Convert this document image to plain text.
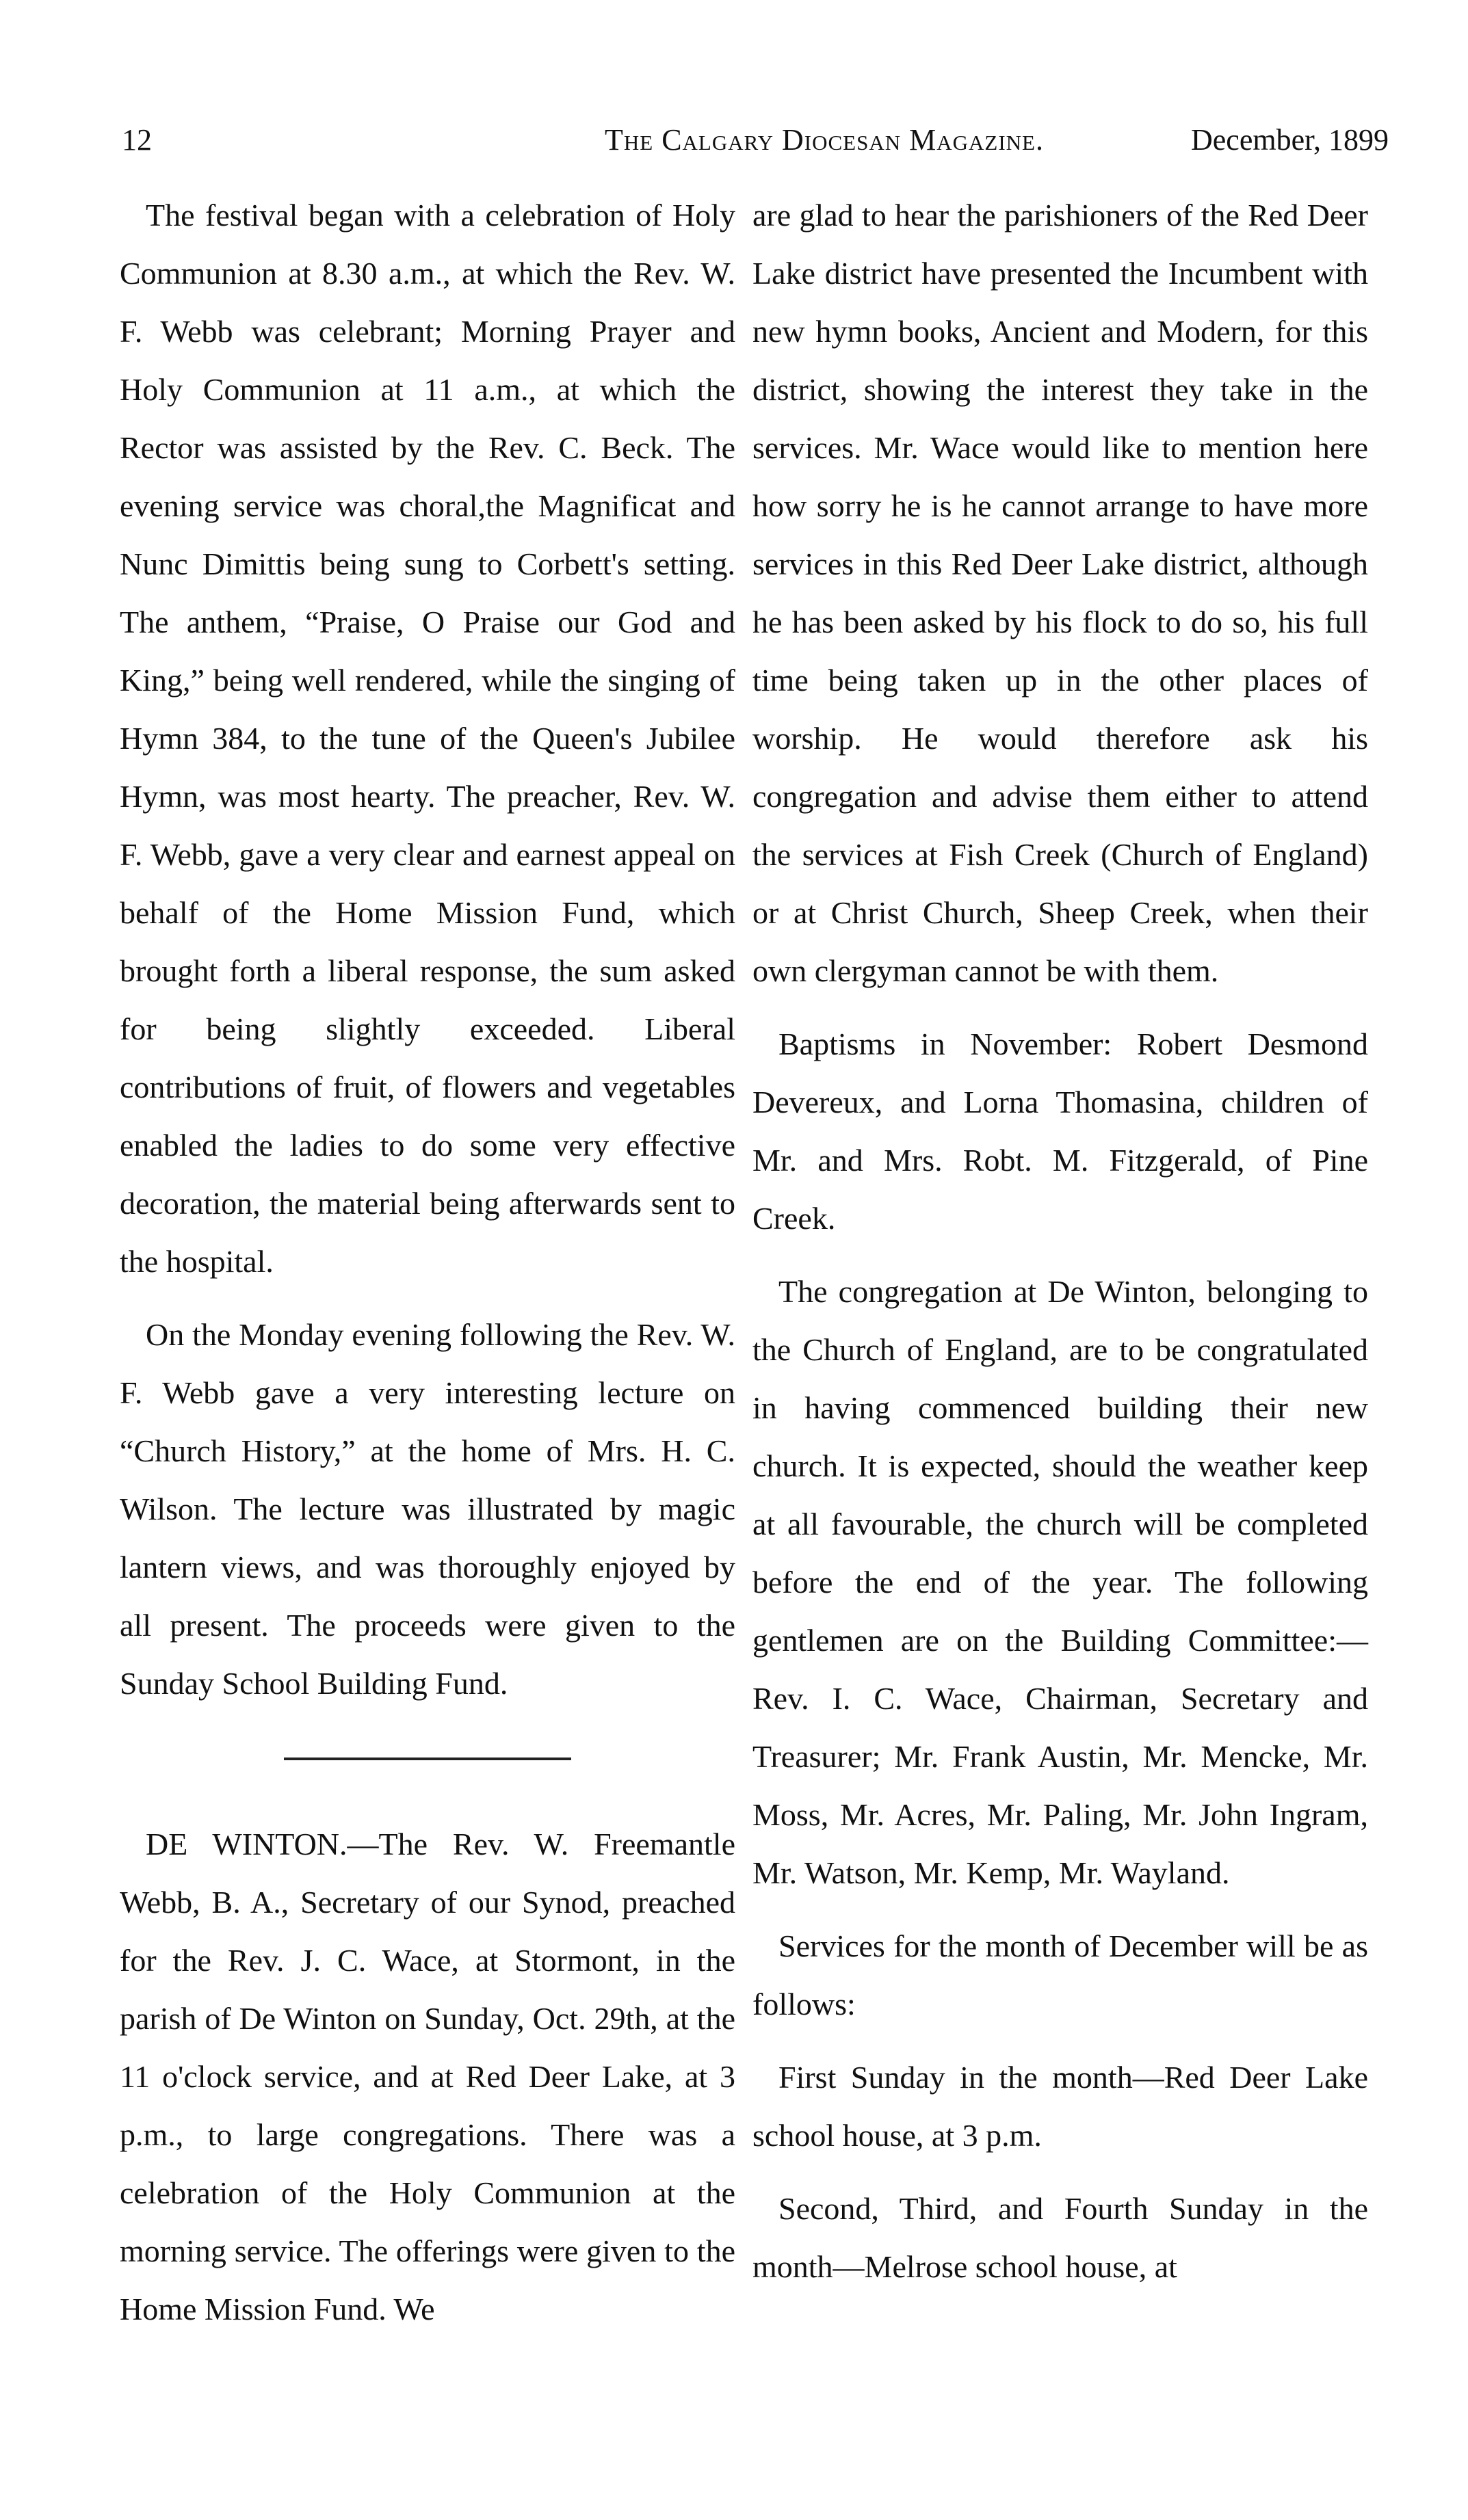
12	The Calgary Diocesan Magazine.	December, 1899

The festival began with a celebration of Holy Communion at 8.30 a.m., at which the Rev. W. F. Webb was celebrant; Morning Prayer and Holy Communion at 11 a.m., at which the Rector was assisted by the Rev. C. Beck. The evening service was choral,the Magnificat and Nunc Dimittis being sung to Corbett's setting. The anthem, “Praise, O Praise our God and King,” being well rendered, while the singing of Hymn 384, to the tune of the Queen's Jubilee Hymn, was most hearty. The preacher, Rev. W. F. Webb, gave a very clear and earnest appeal on behalf of the Home Mission Fund, which brought forth a liberal response, the sum asked for being slightly exceeded. Liberal contributions of fruit, of flowers and vegetables enabled the ladies to do some very effective decoration, the material being afterwards sent to the hospital.

On the Monday evening following the Rev. W. F. Webb gave a very interesting lecture on “Church History,” at the home of Mrs. H. C. Wilson. The lecture was illustrated by magic lantern views, and was thoroughly enjoyed by all present. The proceeds were given to the Sunday School Building Fund.

DE WINTON.—The Rev. W. Freemantle Webb, B. A., Secretary of our Synod, preached for the Rev. J. C. Wace, at Stormont, in the parish of De Winton on Sunday, Oct. 29th, at the 11 o'clock service, and at Red Deer Lake, at 3 p.m., to large congregations. There was a celebration of the Holy Communion at the morning service. The offerings were given to the Home Mission Fund. We

are glad to hear the parishioners of the Red Deer Lake district have presented the Incumbent with new hymn books, Ancient and Modern, for this district, showing the interest they take in the services. Mr. Wace would like to mention here how sorry he is he cannot arrange to have more services in this Red Deer Lake district, although he has been asked by his flock to do so, his full time being taken up in the other places of worship. He would therefore ask his congregation and advise them either to attend the services at Fish Creek (Church of England) or at Christ Church, Sheep Creek, when their own clergyman cannot be with them.

Baptisms in November: Robert Desmond Devereux, and Lorna Thomasina, children of Mr. and Mrs. Robt. M. Fitzgerald, of Pine Creek.

The congregation at De Winton, belonging to the Church of England, are to be congratulated in having commenced building their new church. It is expected, should the weather keep at all favourable, the church will be completed before the end of the year. The following gentlemen are on the Building Committee:—Rev. I. C. Wace, Chairman, Secretary and Treasurer; Mr. Frank Austin, Mr. Mencke, Mr. Moss, Mr. Acres, Mr. Paling, Mr. John Ingram, Mr. Watson, Mr. Kemp, Mr. Wayland.

Services for the month of December will be as follows:

First Sunday in the month—Red Deer Lake school house, at 3 p.m.

Second, Third, and Fourth Sunday in the month—Melrose school house, at
